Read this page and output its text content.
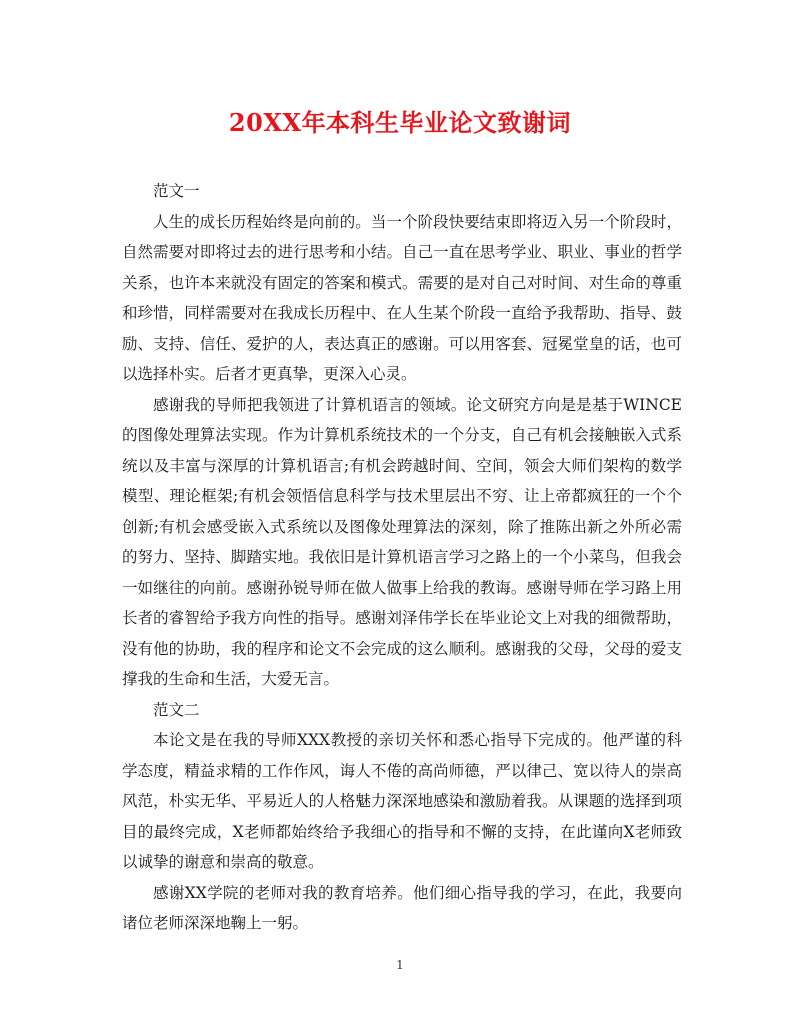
20XX年本科生毕业论文致谢词

范文一

人生的成长历程始终是向前的。当一个阶段快要结束即将迈入另一个阶段时，自然需要对即将过去的进行思考和小结。自己一直在思考学业、职业、事业的哲学关系，也许本来就没有固定的答案和模式。需要的是对自己对时间、对生命的尊重和珍惜，同样需要对在我成长历程中、在人生某个阶段一直给予我帮助、指导、鼓励、支持、信任、爱护的人，表达真正的感谢。可以用客套、冠冕堂皇的话，也可以选择朴实。后者才更真挚，更深入心灵。

感谢我的导师把我领进了计算机语言的领域。论文研究方向是是基于WINCE的图像处理算法实现。作为计算机系统技术的一个分支，自己有机会接触嵌入式系统以及丰富与深厚的计算机语言;有机会跨越时间、空间，领会大师们架构的数学模型、理论框架;有机会领悟信息科学与技术里层出不穷、让上帝都疯狂的一个个创新;有机会感受嵌入式系统以及图像处理算法的深刻，除了推陈出新之外所必需的努力、坚持、脚踏实地。我依旧是计算机语言学习之路上的一个小菜鸟，但我会一如继往的向前。感谢孙锐导师在做人做事上给我的教诲。感谢导师在学习路上用长者的睿智给予我方向性的指导。感谢刘泽伟学长在毕业论文上对我的细微帮助，没有他的协助，我的程序和论文不会完成的这么顺利。感谢我的父母，父母的爱支撑我的生命和生活，大爱无言。

范文二

本论文是在我的导师XXX教授的亲切关怀和悉心指导下完成的。他严谨的科学态度，精益求精的工作作风，诲人不倦的高尚师德，严以律己、宽以待人的崇高风范，朴实无华、平易近人的人格魅力深深地感染和激励着我。从课题的选择到项目的最终完成，X老师都始终给予我细心的指导和不懈的支持，在此谨向X老师致以诚挚的谢意和崇高的敬意。

感谢XX学院的老师对我的教育培养。他们细心指导我的学习，在此，我要向诸位老师深深地鞠上一躬。

1
